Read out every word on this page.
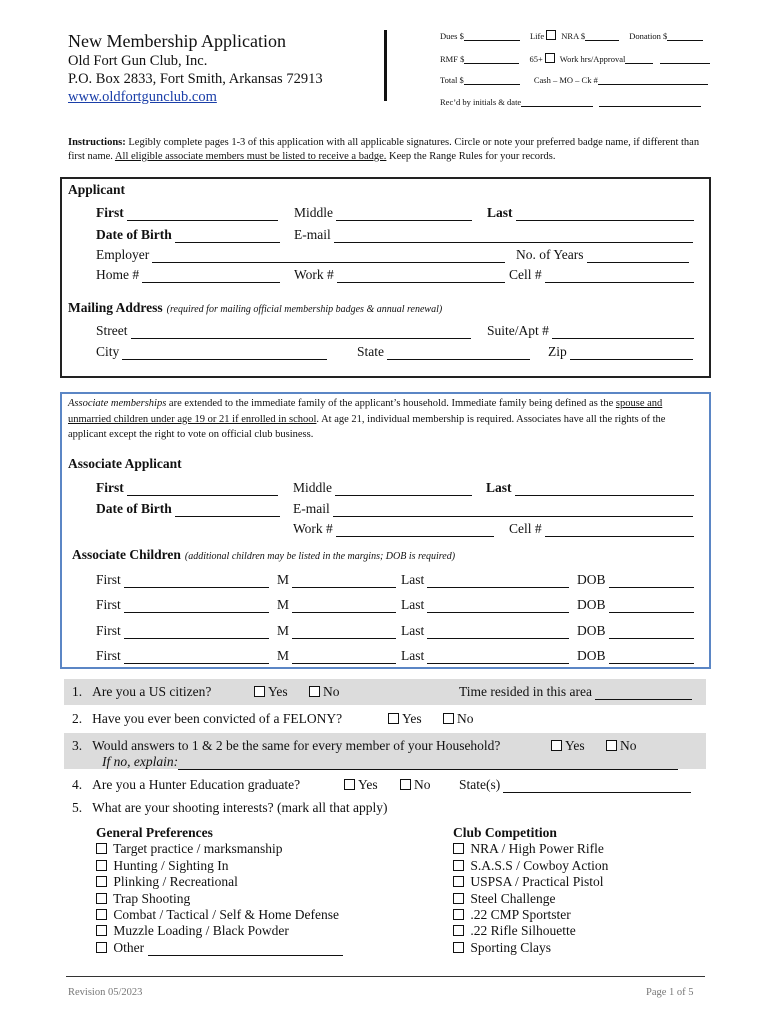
New Membership Application
Old Fort Gun Club, Inc.
P.O. Box 2833, Fort Smith, Arkansas 72913
www.oldfortgunclub.com
Dues $	Life NRA $	Donation $
RMF $	65+ Work hrs/Approval
Total $	Cash – MO – Ck #
Rec’d by initials & date
Instructions: Legibly complete pages 1-3 of this application with all applicable signatures. Circle or note your preferred badge name, if different than first name. All eligible associate members must be listed to receive a badge. Keep the Range Rules for your records.
Applicant
First	Middle	Last
Date of Birth	E-mail
Employer	No. of Years
Home #	Work #	Cell #
Mailing Address (required for mailing official membership badges & annual renewal)
Street	Suite/Apt #
City	State	Zip
Associate memberships are extended to the immediate family of the applicant’s household. Immediate family being defined as the spouse and unmarried children under age 19 or 21 if enrolled in school. At age 21, individual membership is required. Associates have all the rights of the applicant except the right to vote on official club business.
Associate Applicant
First	Middle	Last
Date of Birth	E-mail
Work #	Cell #
Associate Children (additional children may be listed in the margins; DOB is required)
First	M	Last	DOB
First	M	Last	DOB
First	M	Last	DOB
First	M	Last	DOB
1. Are you a US citizen?	Yes	No	Time resided in this area
2. Have you ever been convicted of a FELONY?	Yes	No
3. Would answers to 1 & 2 be the same for every member of your Household?	Yes	No
If no, explain:
4. Are you a Hunter Education graduate?	Yes	No State(s)
5. What are your shooting interests? (mark all that apply)
General Preferences
Target practice / marksmanship
Hunting / Sighting In
Plinking / Recreational
Trap Shooting
Combat / Tactical / Self & Home Defense
Muzzle Loading / Black Powder
Other
Club Competition
NRA / High Power Rifle
S.A.S.S / Cowboy Action
USPSA / Practical Pistol
Steel Challenge
.22 CMP Sportster
.22 Rifle Silhouette
Sporting Clays
Revision 05/2023	Page 1 of 5
